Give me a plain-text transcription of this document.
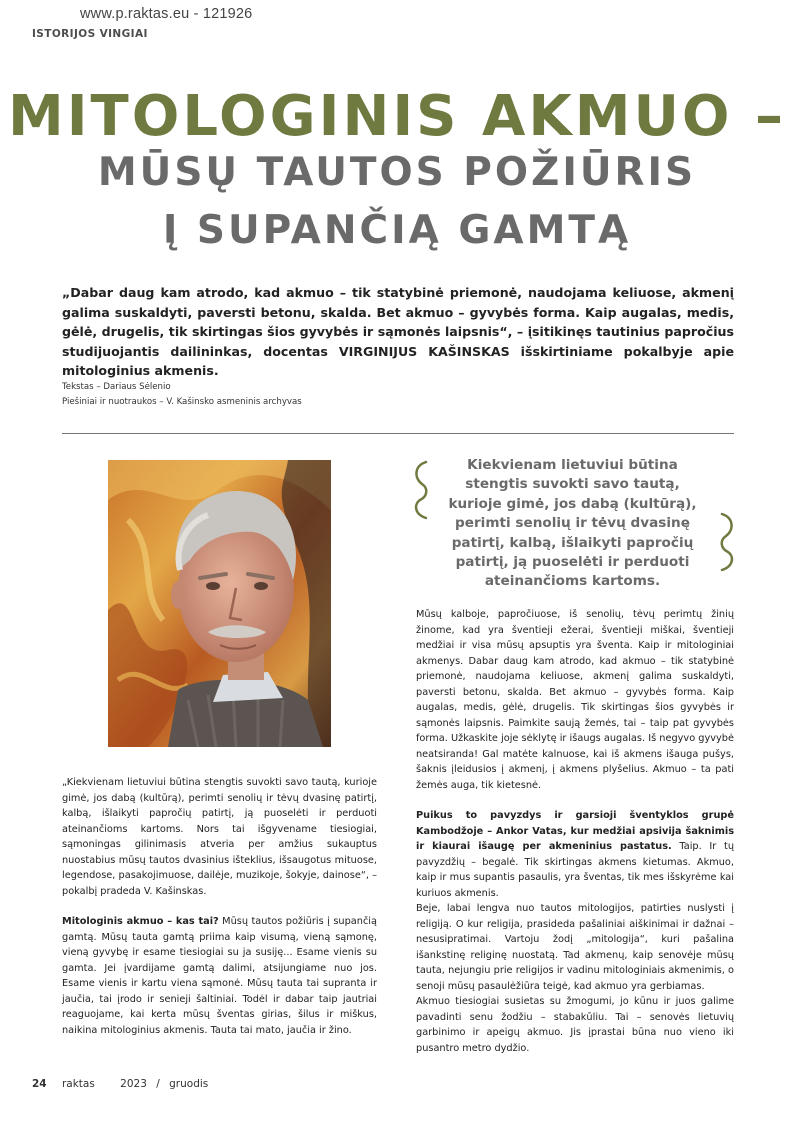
www.p.raktas.eu - 121926
ISTORIJOS VINGIAI
MITOLOGINIS AKMUO –
MŪSŲ TAUTOS POŽIŪRIS
Į SUPANČIĄ GAMTĄ
„Dabar daug kam atrodo, kad akmuo – tik statybinė priemonė, naudojama keliuose, akmenį galima suskaldyti, paversti betonu, skalda. Bet akmuo – gyvybės forma. Kaip augalas, medis, gėlė, drugelis, tik skirtingas šios gyvybės ir sąmonės laipsnis“, – įsitikinęs tautinius papročius studijuojantis dailininkas, docentas VIRGINIJUS KAŠINSKAS išskirtiniame pokalbyje apie mitologinius akmenis.
Tekstas – Dariaus Sėlenio
Piešiniai ir nuotraukos – V. Kašinsko asmeninis archyvas
Kiekvienam lietuviui būtina stengtis suvokti savo tautą, kurioje gimė, jos dabą (kultūrą), perimti senolių ir tėvų dvasinę patirtį, kalbą, išlaikyti papročių patirtį, ją puoselėti ir perduoti ateinančioms kartoms.

„Kiekvienam lietuviui būtina stengtis suvokti savo tautą, kurioje gimė, jos dabą (kultūrą), perimti senolių ir tėvų dvasinę patirtį, kalbą, išlaikyti papročių patirtį, ją puoselėti ir perduoti ateinančioms kartoms. Nors tai išgyvename tiesiogiai, sąmoningas gilinimasis atveria per amžius sukauptus nuostabius mūsų tautos dvasinius išteklius, išsaugotus mituose, legendose, pasakojimuose, dailėje, muzikoje, šokyje, dainose“, – pokalbį pradeda V. Kašinskas.

Mitologinis akmuo – kas tai? Mūsų tautos požiūris į supančią gamtą. Mūsų tauta gamtą priima kaip visumą, vieną sąmonę, vieną gyvybę ir esame tiesiogiai su ja susiję... Esame vienis su gamta. Jei įvardijame gamtą dalimi, atsijungiame nuo jos. Esame vienis ir kartu viena sąmonė. Mūsų tauta tai supranta ir jaučia, tai įrodo ir senieji šaltiniai. Todėl ir dabar taip jautriai reaguojame, kai kerta mūsų šventas girias, šilus ir miškus, naikina mitologinius akmenis. Tauta tai mato, jaučia ir žino.

Mūsų kalboje, papročiuose, iš senolių, tėvų perimtų žinių žinome, kad yra šventieji ežerai, šventieji miškai, šventieji medžiai ir visa mūsų apsuptis yra šventa. Kaip ir mitologiniai akmenys. Dabar daug kam atrodo, kad akmuo – tik statybinė priemonė, naudojama keliuose, akmenį galima suskaldyti, paversti betonu, skalda. Bet akmuo – gyvybės forma. Kaip augalas, medis, gėlė, drugelis. Tik skirtingas šios gyvybės ir sąmonės laipsnis. Paimkite saują žemės, tai – taip pat gyvybės forma. Užkaskite joje sėklytę ir išaugs augalas. Iš negyvo gyvybė neatsiranda! Gal matėte kalnuose, kai iš akmens išauga pušys, šaknis įleidusios į akmenį, į akmens plyšelius. Akmuo – ta pati žemės auga, tik kietesnė.

Puikus to pavyzdys ir garsioji šventyklos grupė Kambodžoje – Ankor Vatas, kur medžiai apsivija šaknimis ir kiaurai išaugę per akmeninius pastatus. Taip. Ir tų pavyzdžių – begalė. Tik skirtingas akmens kietumas. Akmuo, kaip ir mus supantis pasaulis, yra šventas, tik mes išskyrėme kai kuriuos akmenis.

Beje, labai lengva nuo tautos mitologijos, patirties nuslysti į religiją. O kur religija, prasideda pašaliniai aiškinimai ir dažnai – nesusipratimai. Vartoju žodį „mitologija“, kuri pašalina išankstinę religinę nuostatą. Tad akmenų, kaip senovėje mūsų tauta, nejungiu prie religijos ir vadinu mitologiniais akmenimis, o senoji mūsų pasaulėžiūra teigė, kad akmuo yra gerbiamas.

Akmuo tiesiogiai susietas su žmogumi, jo kūnu ir juos galime pavadinti senu žodžiu – stabakūliu. Tai – senovės lietuvių garbinimo ir apeigų akmuo. Jis įprastai būna nuo vieno iki pusantro metro dydžio.

24 raktas 2023 / gruodis
